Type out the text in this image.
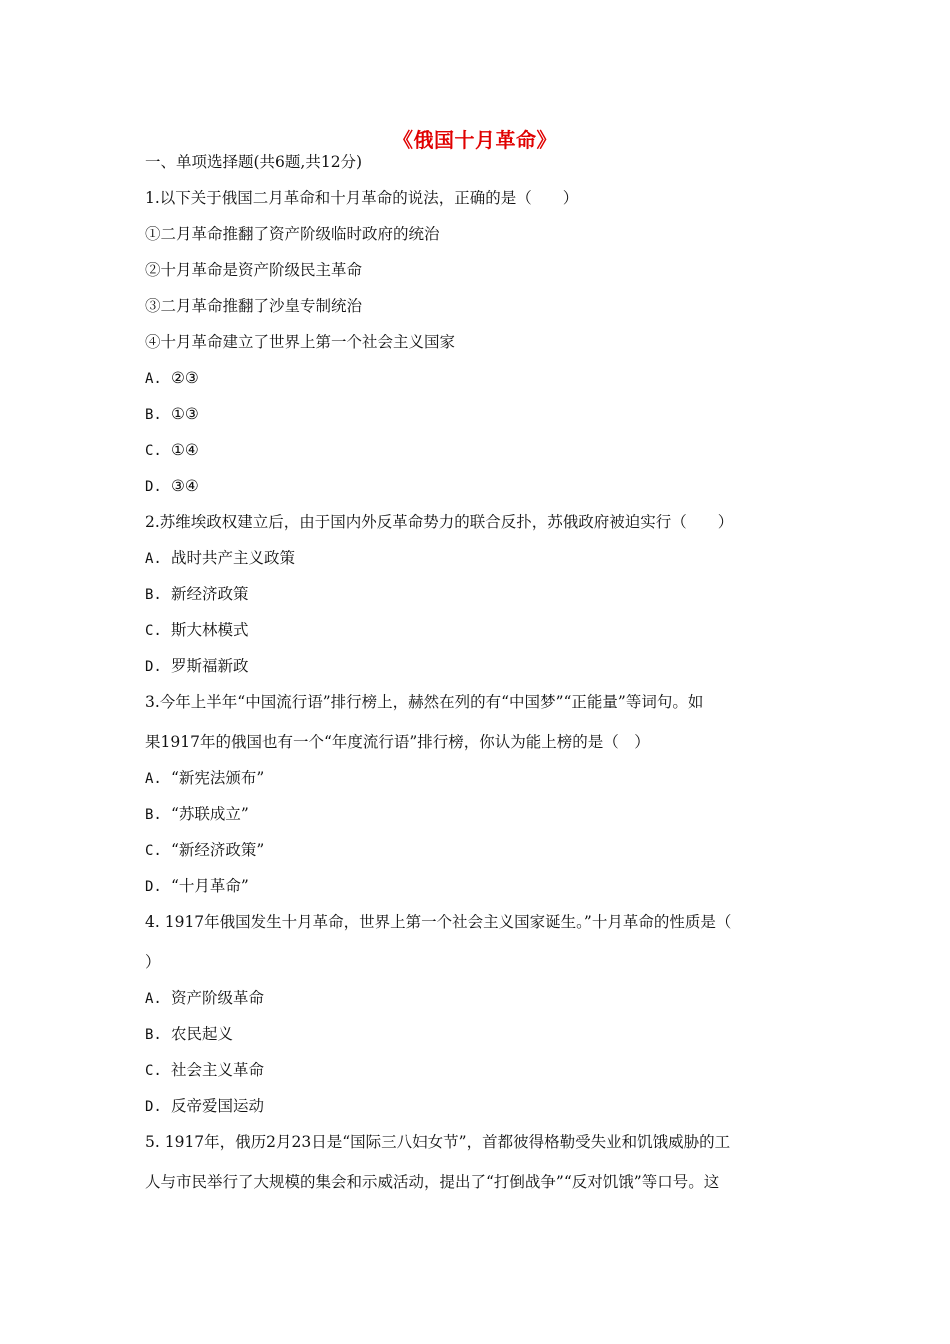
《俄国十月革命》
一、单项选择题(共6题,共12分)
1.以下关于俄国二月革命和十月革命的说法，正确的是（　　）
①二月革命推翻了资产阶级临时政府的统治
②十月革命是资产阶级民主革命
③二月革命推翻了沙皇专制统治
④十月革命建立了世界上第一个社会主义国家
A. ②③
B. ①③
C. ①④
D. ③④
2.苏维埃政权建立后，由于国内外反革命势力的联合反扑，苏俄政府被迫实行（　　）
A. 战时共产主义政策
B. 新经济政策
C. 斯大林模式
D. 罗斯福新政
3.今年上半年“中国流行语”排行榜上，赫然在列的有“中国梦”“正能量”等词句。如
果1917年的俄国也有一个“年度流行语”排行榜，你认为能上榜的是（　）
A. “新宪法颁布”
B. “苏联成立”
C. “新经济政策”
D. “十月革命”
4. 1917年俄国发生十月革命，世界上第一个社会主义国家诞生。”十月革命的性质是（
）
A. 资产阶级革命
B. 农民起义
C. 社会主义革命
D. 反帝爱国运动
5. 1917年，俄历2月23日是“国际三八妇女节”，首都彼得格勒受失业和饥饿威胁的工
人与市民举行了大规模的集会和示威活动，提出了“打倒战争”“反对饥饿”等口号。这
